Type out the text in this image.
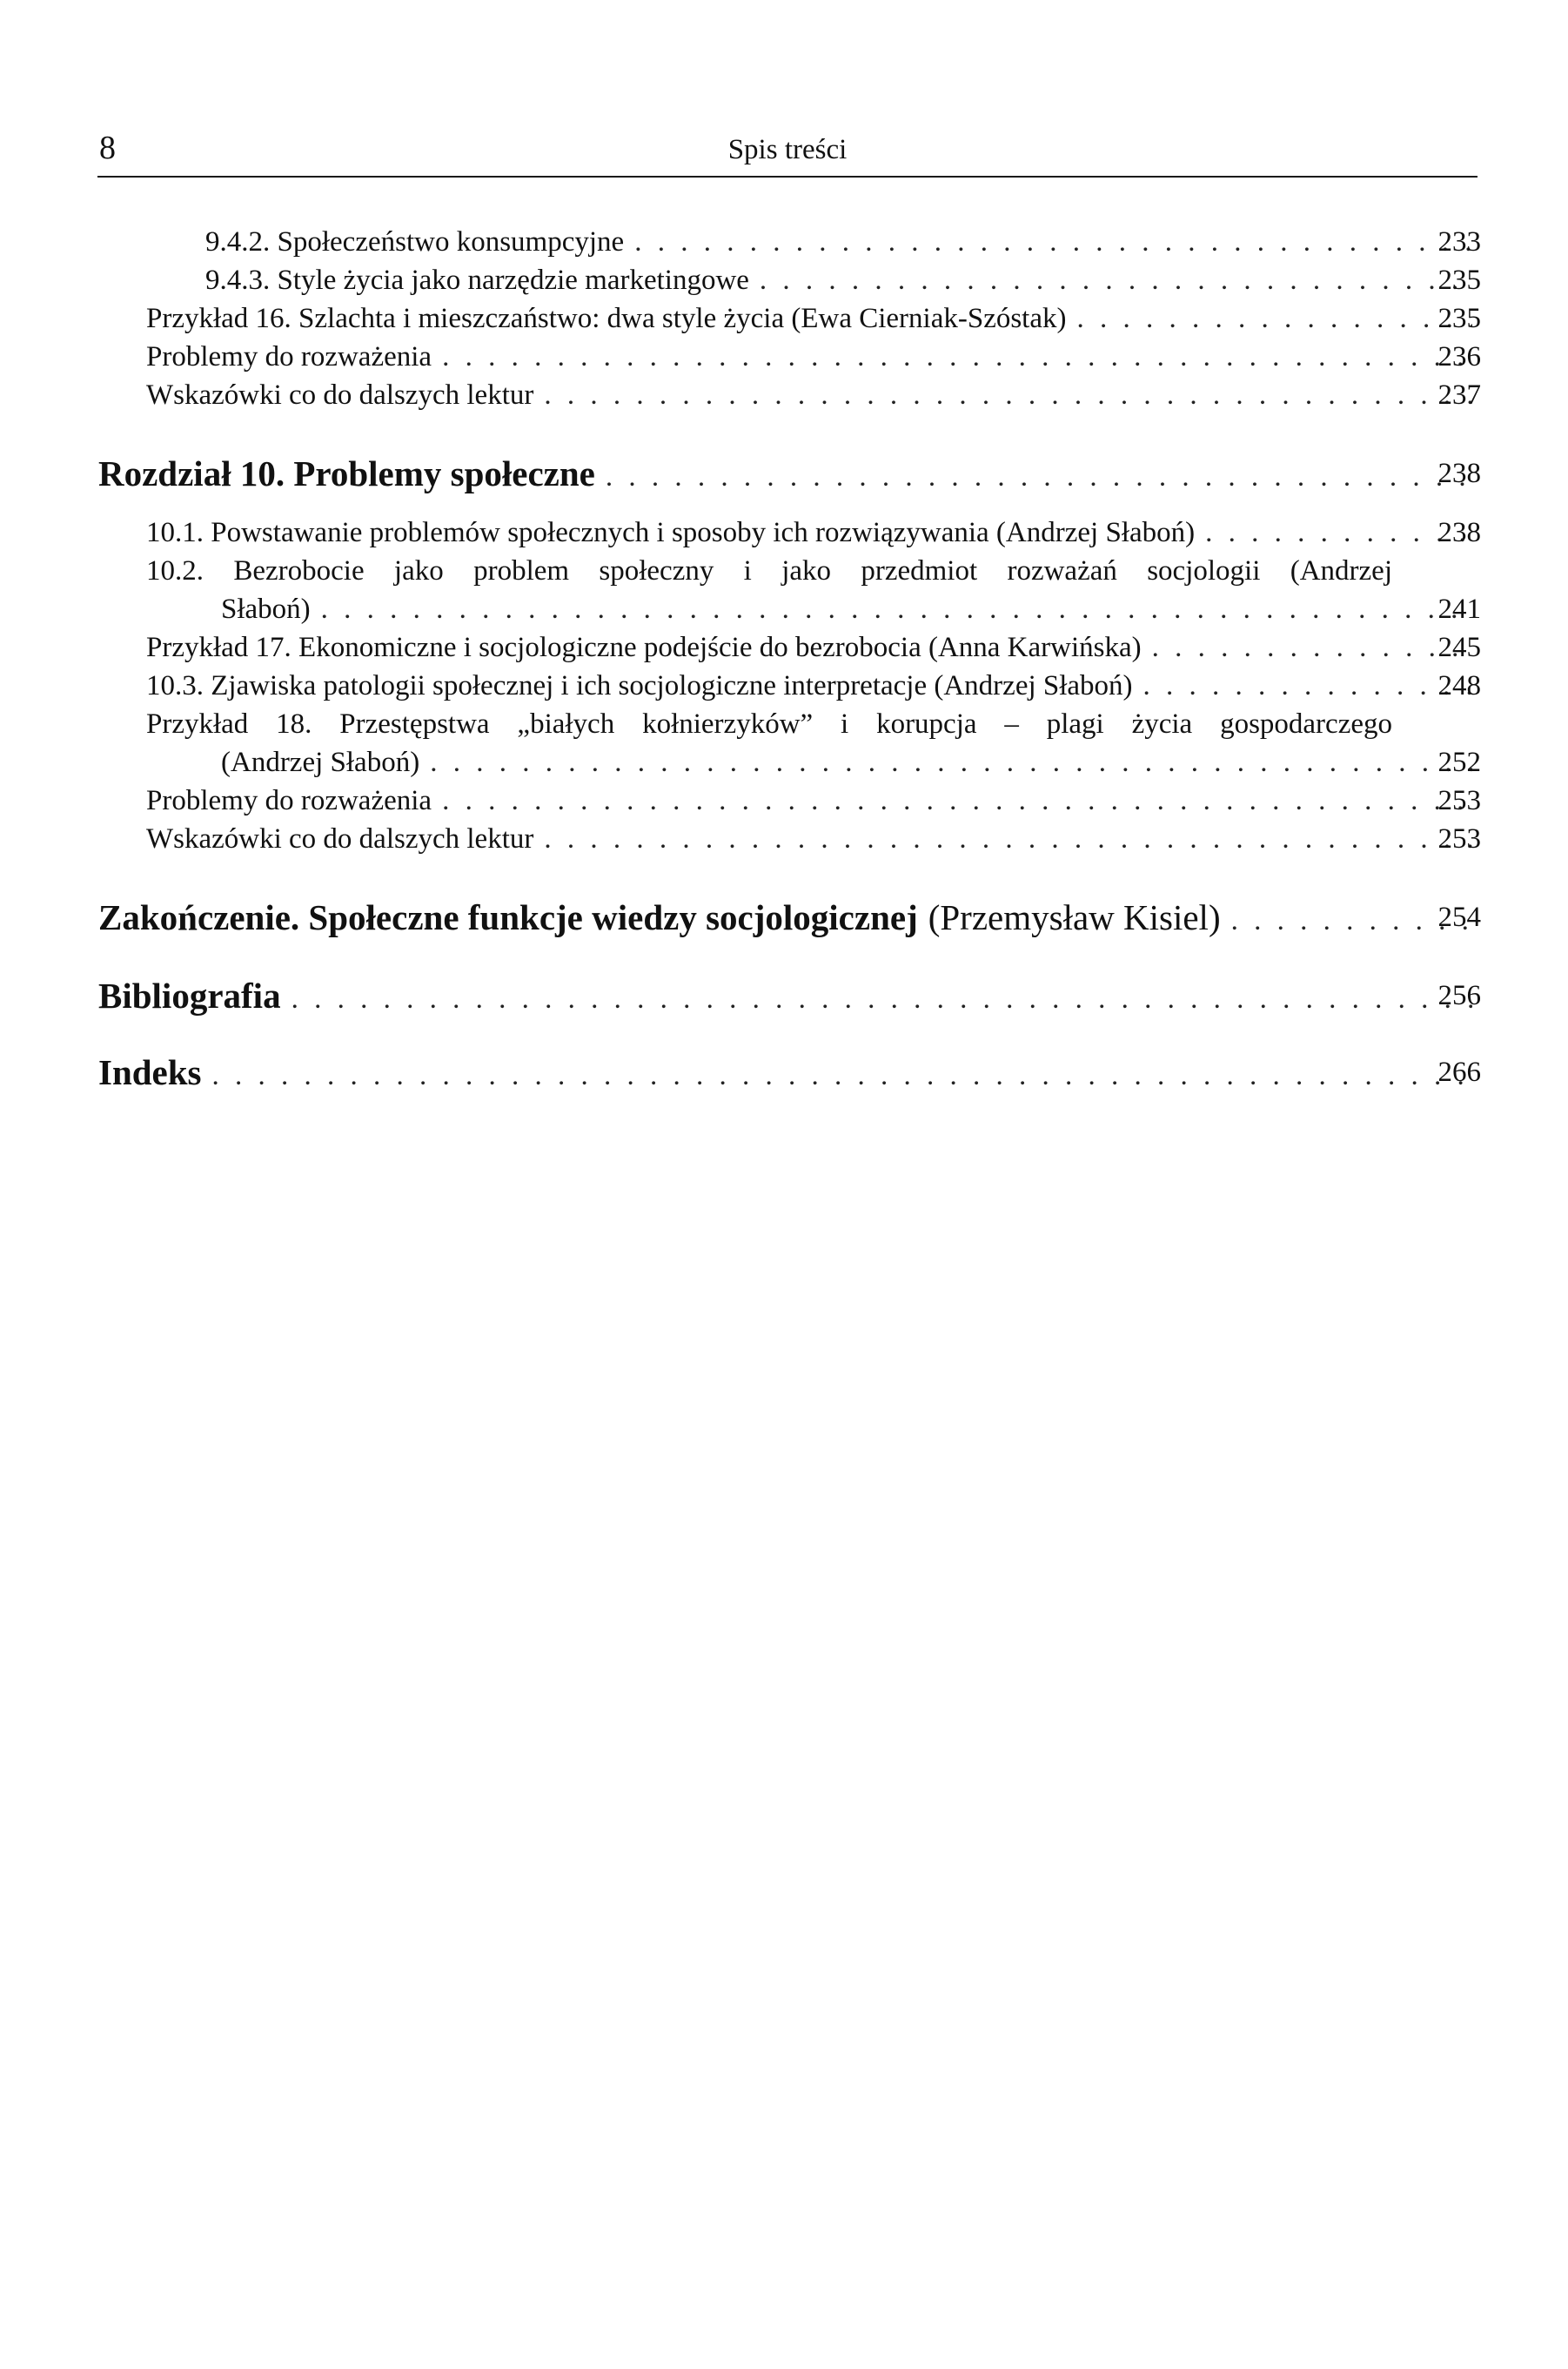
8	Spis treści
9.4.2. Społeczeństwo konsumpcyjne . . .	233
9.4.3. Style życia jako narzędzie marketingowe . . .	235
Przykład 16. Szlachta i mieszczaństwo: dwa style życia (Ewa Cierniak-Szóstak) . . .	235
Problemy do rozważenia . . .	236
Wskazówki co do dalszych lektur . . .	237
Rozdział 10. Problemy społeczne . . .	238
10.1. Powstawanie problemów społecznych i sposoby ich rozwiązywania (Andrzej Słaboń) . . .	238
10.2. Bezrobocie jako problem społeczny i jako przedmiot rozważań socjologii (Andrzej
Słaboń) . . .	241
Przykład 17. Ekonomiczne i socjologiczne podejście do bezrobocia (Anna Karwińska) . . .	245
10.3. Zjawiska patologii społecznej i ich socjologiczne interpretacje (Andrzej Słaboń) . . .	248
Przykład 18. Przestępstwa „białych kołnierzyków” i korupcja – plagi życia gospodarczego
(Andrzej Słaboń) . . .	252
Problemy do rozważenia . . .	253
Wskazówki co do dalszych lektur . . .	253
Zakończenie. Społeczne funkcje wiedzy socjologicznej (Przemysław Kisiel) . . .	254
Bibliografia . . .	256
Indeks . . .	266
